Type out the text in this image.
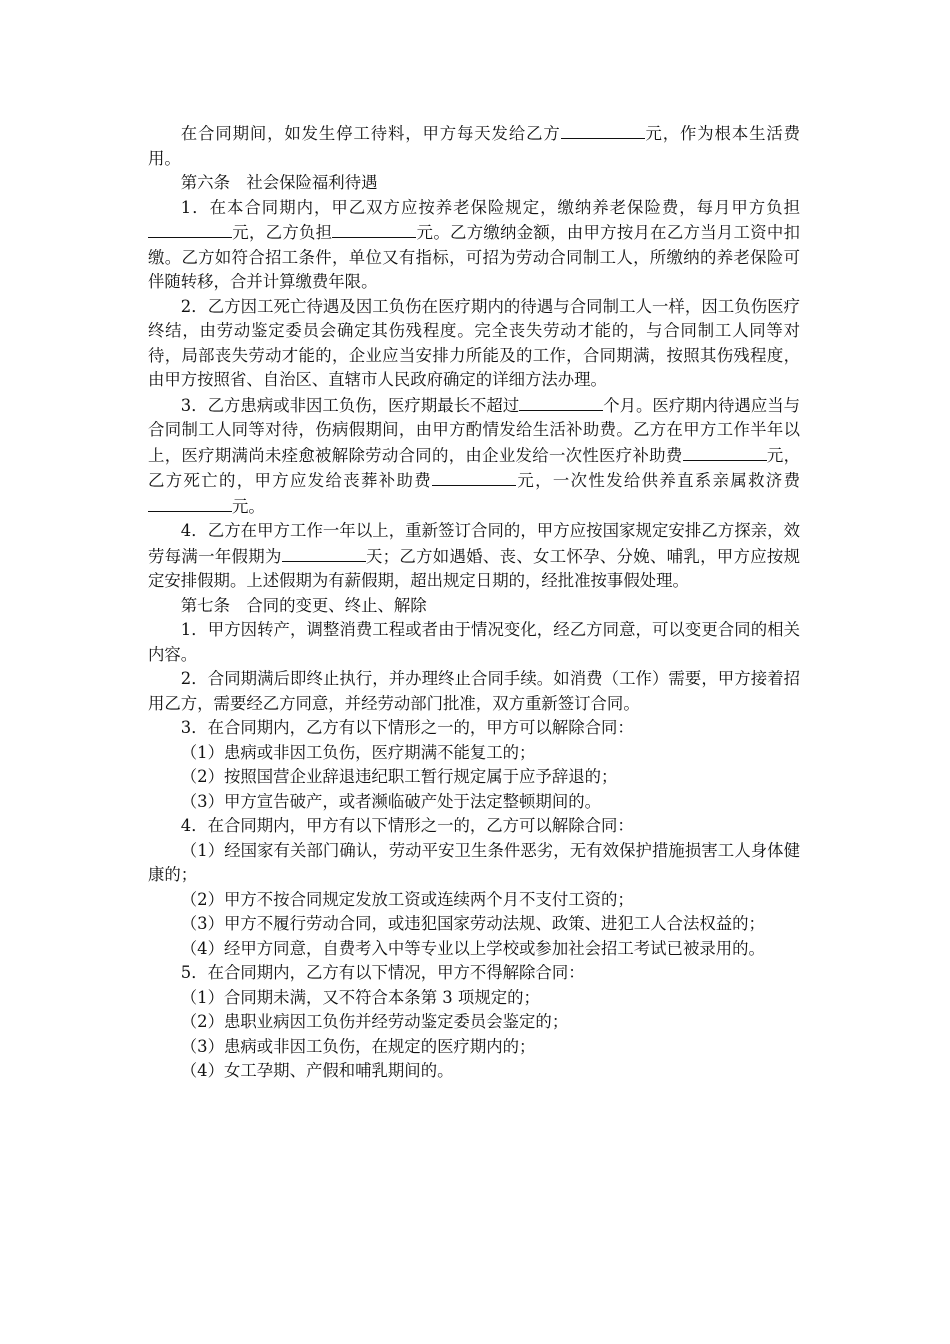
在合同期间，如发生停工待料，甲方每天发给乙方	元，作为根本生活费用。

第六条 社会保险福利待遇

1．在本合同期内，甲乙双方应按养老保险规定，缴纳养老保险费，每月甲方负担元，乙方负担	元。乙方缴纳金额，由甲方按月在乙方当月工资中扣缴。乙方如符合招工条件，单位又有指标，可招为劳动合同制工人，所缴纳的养老保险可伴随转移，合并计算缴费年限。

2．乙方因工死亡待遇及因工负伤在医疗期内的待遇与合同制工人一样，因工负伤医疗终结，由劳动鉴定委员会确定其伤残程度。完全丧失劳动才能的，与合同制工人同等对待，局部丧失劳动才能的，企业应当安排力所能及的工作，合同期满，按照其伤残程度，由甲方按照省、自治区、直辖市人民政府确定的详细方法办理。

3．乙方患病或非因工负伤，医疗期最长不超过	个月。医疗期内待遇应当与合同制工人同等对待，伤病假期间，由甲方酌情发给生活补助费。乙方在甲方工作半年以上，医疗期满尚未痊愈被解除劳动合同的，由企业发给一次性医疗补助费	元，乙方死亡的，甲方应发给丧葬补助费	元，一次性发给供养直系亲属救济费元。

4．乙方在甲方工作一年以上，重新签订合同的，甲方应按国家规定安排乙方探亲，效劳每满一年假期为	天；乙方如遇婚、丧、女工怀孕、分娩、哺乳，甲方应按规定安排假期。上述假期为有薪假期，超出规定日期的，经批准按事假处理。

第七条 合同的变更、终止、解除

1．甲方因转产，调整消费工程或者由于情况变化，经乙方同意，可以变更合同的相关内容。

2．合同期满后即终止执行，并办理终止合同手续。如消费（工作）需要，甲方接着招用乙方，需要经乙方同意，并经劳动部门批准，双方重新签订合同。

3．在合同期内，乙方有以下情形之一的，甲方可以解除合同：

（1）患病或非因工负伤，医疗期满不能复工的；

（2）按照国营企业辞退违纪职工暂行规定属于应予辞退的；

（3）甲方宣告破产，或者濒临破产处于法定整顿期间的。

4．在合同期内，甲方有以下情形之一的，乙方可以解除合同：

（1）经国家有关部门确认，劳动平安卫生条件恶劣，无有效保护措施损害工人身体健康的；

（2）甲方不按合同规定发放工资或连续两个月不支付工资的；

（3）甲方不履行劳动合同，或违犯国家劳动法规、政策、进犯工人合法权益的；

（4）经甲方同意，自费考入中等专业以上学校或参加社会招工考试已被录用的。

5．在合同期内，乙方有以下情况，甲方不得解除合同：

（1）合同期未满，又不符合本条第 3 项规定的；

（2）患职业病因工负伤并经劳动鉴定委员会鉴定的；

（3）患病或非因工负伤，在规定的医疗期内的；

（4）女工孕期、产假和哺乳期间的。
